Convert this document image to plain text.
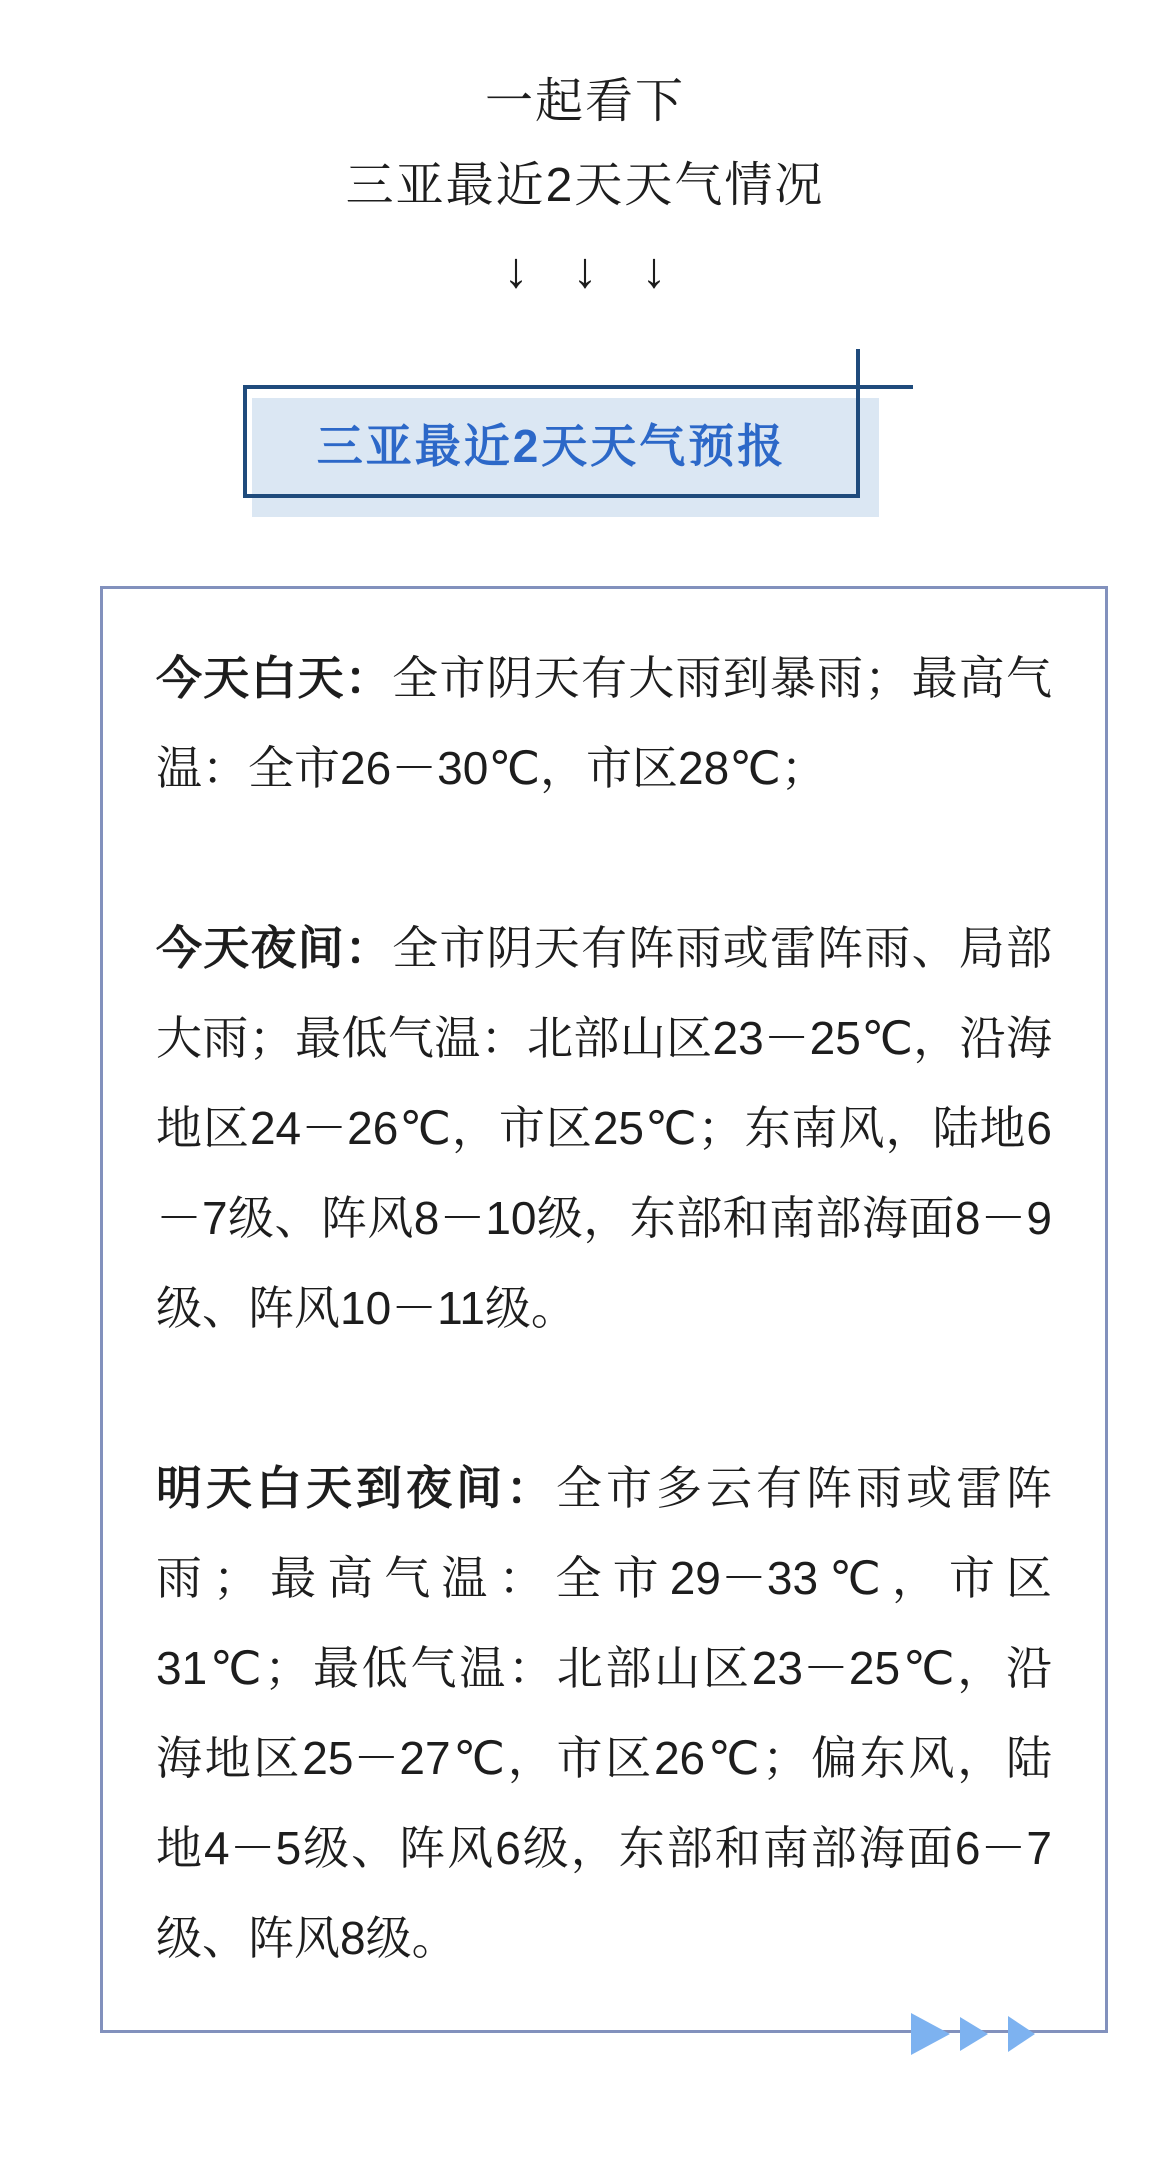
一起看下
三亚最近2天天气情况
↓ ↓ ↓
三亚最近2天天气预报

今天白天：全市阴天有大雨到暴雨；最高气温：全市26－30℃，市区28℃；

今天夜间：全市阴天有阵雨或雷阵雨、局部大雨；最低气温：北部山区23－25℃，沿海地区24－26℃，市区25℃；东南风，陆地6－7级、阵风8－10级，东部和南部海面8－9级、阵风10－11级。

明天白天到夜间：全市多云有阵雨或雷阵雨；最高气温：全市29－33℃，市区31℃；最低气温：北部山区23－25℃，沿海地区25－27℃，市区26℃；偏东风，陆地4－5级、阵风6级，东部和南部海面6－7级、阵风8级。
